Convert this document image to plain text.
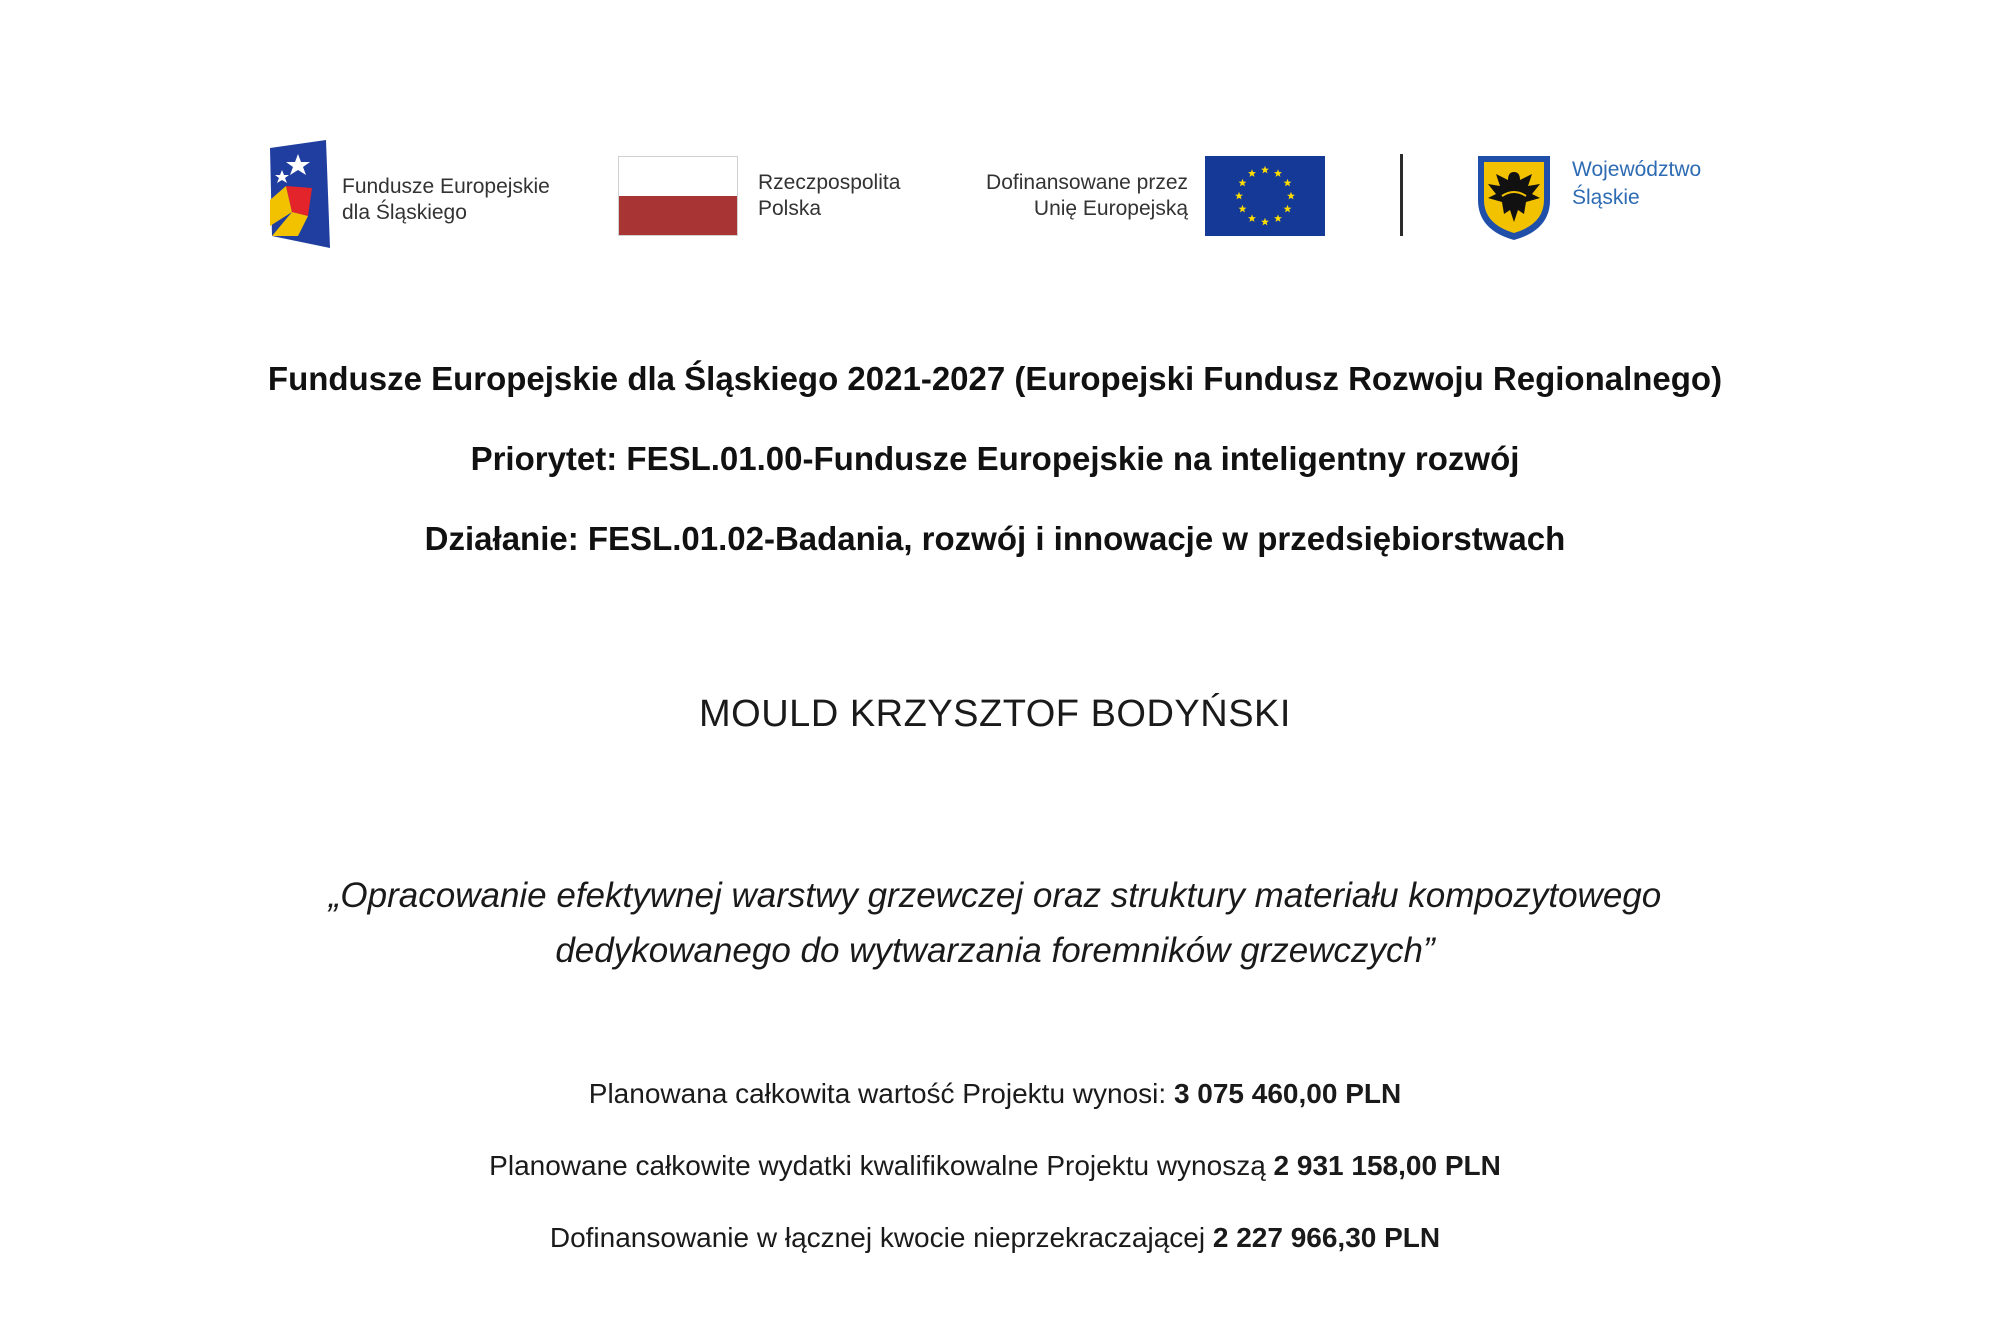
Fundusze Europejskie
dla Śląskiego
Rzeczpospolita
Polska
Dofinansowane przez
Unię Europejską
Województwo
Śląskie
Fundusze Europejskie dla Śląskiego 2021-2027 (Europejski Fundusz Rozwoju Regionalnego)
Priorytet: FESL.01.00-Fundusze Europejskie na inteligentny rozwój
Działanie: FESL.01.02-Badania, rozwój i innowacje w przedsiębiorstwach
MOULD KRZYSZTOF BODYŃSKI
„Opracowanie efektywnej warstwy grzewczej oraz struktury materiału kompozytowego
dedykowanego do wytwarzania foremników grzewczych”
Planowana całkowita wartość Projektu wynosi: 3 075 460,00 PLN
Planowane całkowite wydatki kwalifikowalne Projektu wynoszą 2 931 158,00 PLN
Dofinansowanie w łącznej kwocie nieprzekraczającej 2 227 966,30 PLN
